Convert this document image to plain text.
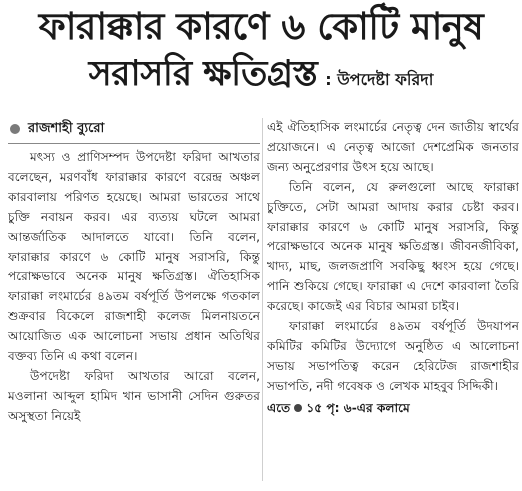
ফারাক্কার কারণে ৬ কোটি মানুষ
সরাসরি ক্ষতিগ্রস্ত : উপদেষ্টা ফরিদা
রাজশাহী ব্যুরো

মৎস্য ও প্রাণিসম্পদ উপদেষ্টা ফরিদা আখতার বলেছেন, মরণবাঁধ ফারাক্কার কারণে বরেন্দ্র অঞ্চল কারবালায় পরিণত হয়েছে। আমরা ভারতের সাথে চুক্তি নবায়ন করব। এর ব্যত্যয় ঘটলে আমরা আন্তর্জাতিক আদালতে যাবো। তিনি বলেন, ফারাক্কার কারণে ৬ কোটি মানুষ সরাসরি, কিন্তু পরোক্ষভাবে অনেক মানুষ ক্ষতিগ্রস্ত। ঐতিহাসিক ফারাক্কা লংমার্চের ৪৯তম বর্ষপূর্তি উপলক্ষে গতকাল শুক্রবার বিকেলে রাজশাহী কলেজ মিলনায়তনে আয়োজিত এক আলোচনা সভায় প্রধান অতিথির বক্তব্য তিনি এ কথা বলেন।

উপদেষ্টা ফরিদা আখতার আরো বলেন, মওলানা আব্দুল হামিদ খান ভাসানী সেদিন গুরুতর অসুস্থতা নিয়েই

এই ঐতিহাসিক লংমার্চের নেতৃত্ব দেন জাতীয় স্বার্থের প্রয়োজনে। এ নেতৃত্ব আজো দেশপ্রেমিক জনতার জন্য অনুপ্রেরণার উৎস হয়ে আছে।

তিনি বলেন, যে রুলগুলো আছে ফারাক্কা চুক্তিতে, সেটা আমরা আদায় করার চেষ্টা করব। ফারাক্কার কারণে ৬ কোটি মানুষ সরাসরি, কিন্তু পরোক্ষভাবে অনেক মানুষ ক্ষতিগ্রস্ত। জীবনজীবিকা, খাদ্য, মাছ, জলজপ্রাণি সবকিছু ধ্বংস হয়ে গেছে। পানি শুকিয়ে গেছে। ফারাক্কা এ দেশে কারবালা তৈরি করেছে। কাজেই এর বিচার আমরা চাইব।

ফারাক্কা লংমার্চের ৪৯তম বর্ষপূর্তি উদযাপন কমিটির কমিটির উদ্যোগে অনুষ্ঠিত এ আলোচনা সভায় সভাপতিত্ব করেন হেরিটেজ রাজশাহীর সভাপতি, নদী গবেষক ও লেখক মাহবুব সিদ্দিকী।

এতে ১৫ পৃ: ৬-এর কলামে
